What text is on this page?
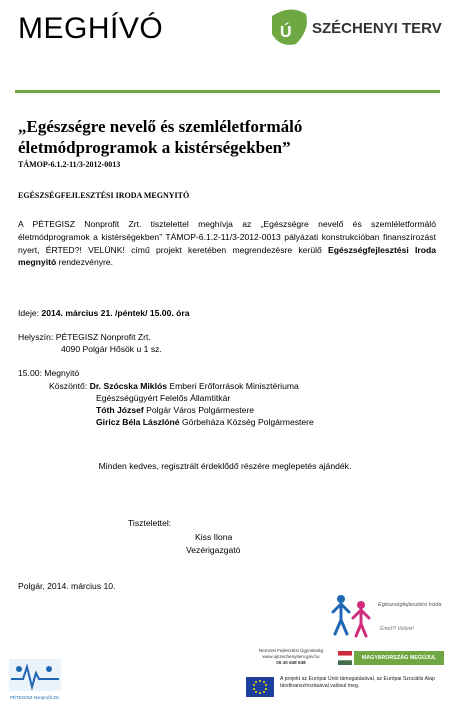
MEGHÍVÓ	Ú SZÉCHENYI TERV
„Egészségre nevelő és szemléletformáló életmódprogramok a kistérségekben”
TÁMOP-6.1.2-11/3-2012-0013
EGÉSZSÉGFEJLESZTÉSI IRODA MEGNYITÓ
A PÉTEGISZ Nonprofit Zrt. tisztelettel meghívja az „Egészségre nevelő és szemléletformáló életmódprogramok a kistérségekben” TÁMOP-6.1.2-11/3-2012-0013 pályázati konstrukcióban finanszírozást nyert, ÉRTED?! VELÜNK! című projekt keretében megrendezésre kerülő Egészségfejlesztési Iroda megnyitó rendezvényre.
Ideje: 2014. március 21. /péntek/ 15.00. óra
Helyszín: PÉTEGISZ Nonprofit Zrt.
4090 Polgár Hősök u 1 sz.
15.00: Megnyitó
Köszöntő: Dr. Szócska Miklós Emberi Erőforrások Minisztériuma
Egészségügyért Felelős Államtitkár
Tóth József Polgár Város Polgármestere
Giricz Béla Lászlóné Görbeháza Község Polgármestere
Minden kedves, regisztrált érdeklődő részére meglepetés ajándék.
Tisztelettel:
Kiss Ilona
Vezérigazgató
Polgár, 2014. március 10.
Egészségfejlesztési Iroda
Érted?! Velünk!
PÉTEGISZ Nonprofit Zrt.
Nemzeti Fejlesztési Ügynökség
www.ujszechenyiterv.gov.hu
06 40 638 638
MAGYARORSZÁG MEGÚJUL
A projekt az Európai Unió támogatásával, az Európai Szociális Alap társfinanszírozásával valósul meg.
